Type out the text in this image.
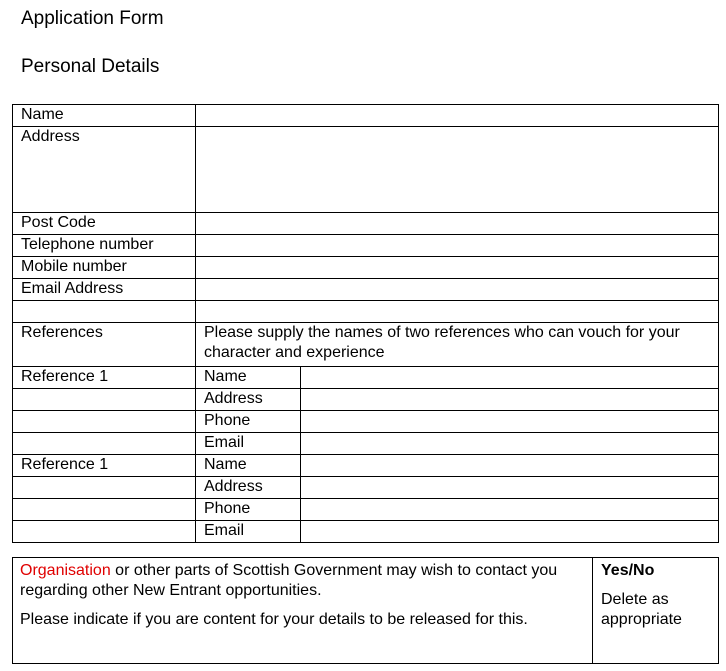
Application Form
Personal Details
Name		
Address		
Post Code		
Telephone number		
Mobile number		
Email Address		

References	Please supply the names of two references who can vouch for your character and experience	
Reference 1	Name	
	Address	
	Phone	
	Email	
Reference 1	Name	
	Address	
	Phone	
	Email	

Organisation or other parts of Scottish Government may wish to contact you regarding other New Entrant opportunities.

Please indicate if you are content for your details to be released for this.

Yes/No

Delete as appropriate
